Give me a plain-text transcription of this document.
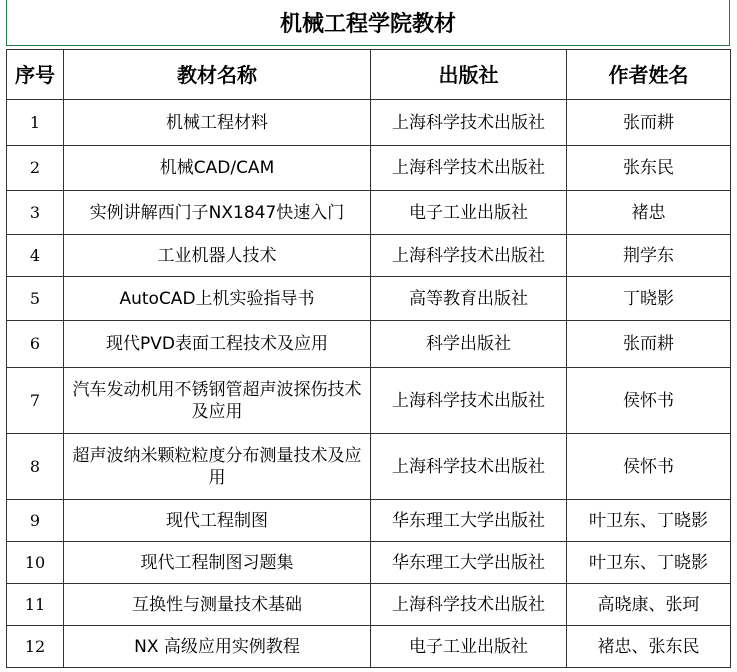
机械工程学院教材
序号	教材名称	出版社	作者姓名
1	机械工程材料	上海科学技术出版社	张而耕
2	机械CAD/CAM	上海科学技术出版社	张东民
3	实例讲解西门子NX1847快速入门	电子工业出版社	褚忠
4	工业机器人技术	上海科学技术出版社	荆学东
5	AutoCAD上机实验指导书	高等教育出版社	丁晓影
6	现代PVD表面工程技术及应用	科学出版社	张而耕
7	汽车发动机用不锈钢管超声波探伤技术及应用	上海科学技术出版社	侯怀书
8	超声波纳米颗粒粒度分布测量技术及应用	上海科学技术出版社	侯怀书
9	现代工程制图	华东理工大学出版社	叶卫东、丁晓影
10	现代工程制图习题集	华东理工大学出版社	叶卫东、丁晓影
11	互换性与测量技术基础	上海科学技术出版社	高晓康、张珂
12	NX 高级应用实例教程	电子工业出版社	褚忠、张东民
